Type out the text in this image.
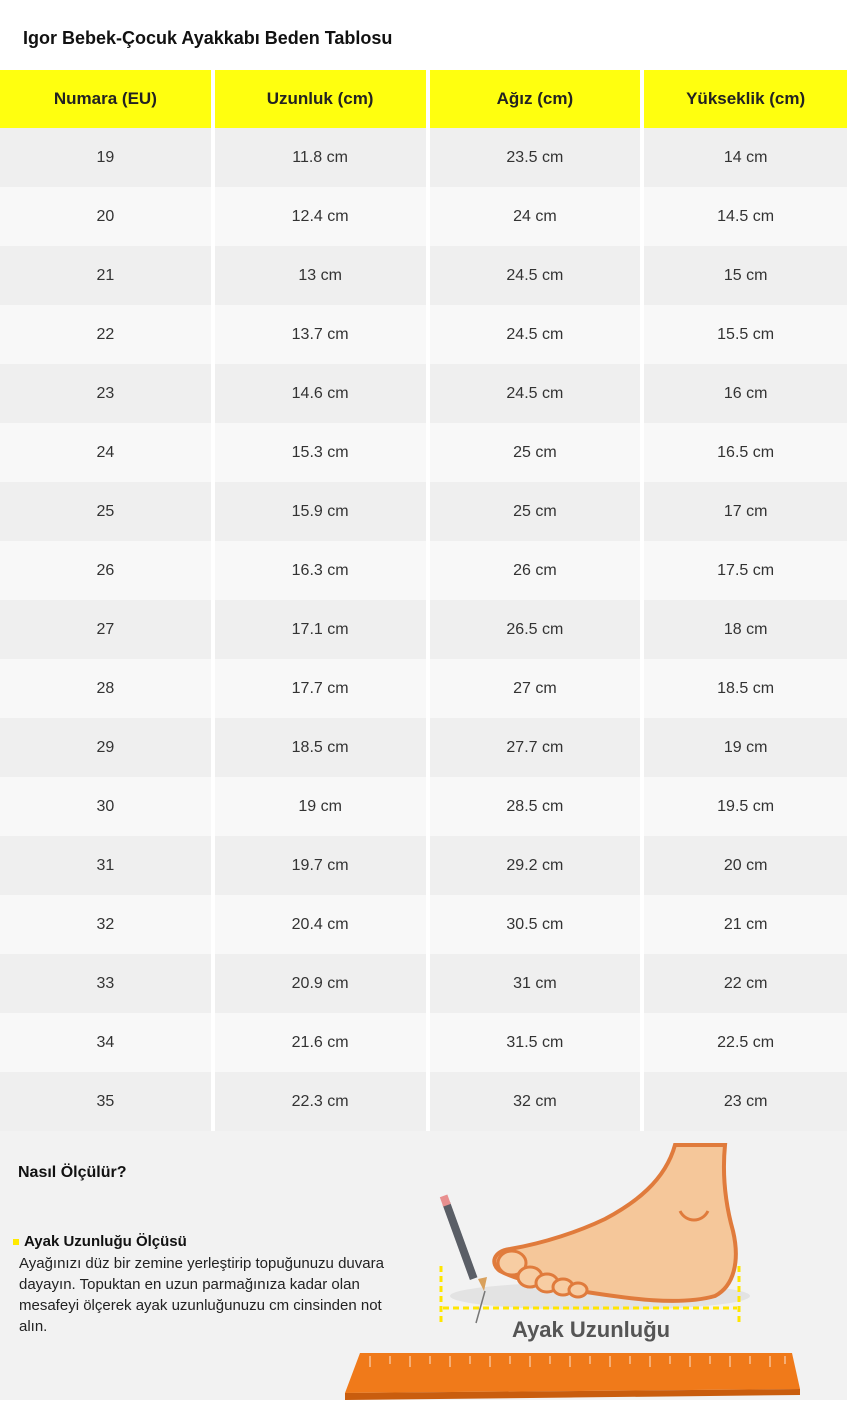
Igor Bebek-Çocuk Ayakkabı Beden Tablosu
Numara (EU)	Uzunluk (cm)	Ağız (cm)	Yükseklik (cm)
19	11.8 cm	23.5 cm	14 cm
20	12.4 cm	24 cm	14.5 cm
21	13 cm	24.5 cm	15 cm
22	13.7 cm	24.5 cm	15.5 cm
23	14.6 cm	24.5 cm	16 cm
24	15.3 cm	25 cm	16.5 cm
25	15.9 cm	25 cm	17 cm
26	16.3 cm	26 cm	17.5 cm
27	17.1 cm	26.5 cm	18 cm
28	17.7 cm	27 cm	18.5 cm
29	18.5 cm	27.7 cm	19 cm
30	19 cm	28.5 cm	19.5 cm
31	19.7 cm	29.2 cm	20 cm
32	20.4 cm	30.5 cm	21 cm
33	20.9 cm	31 cm	22 cm
34	21.6 cm	31.5 cm	22.5 cm
35	22.3 cm	32 cm	23 cm
Nasıl Ölçülür?
Ayak Uzunluğu Ölçüsü
Ayağınızı düz bir zemine yerleştirip topuğunuzu duvara dayayın. Topuktan en uzun parmağınıza kadar olan mesafeyi ölçerek ayak uzunluğunuzu cm cinsinden not alın.	Ayak Uzunluğu
